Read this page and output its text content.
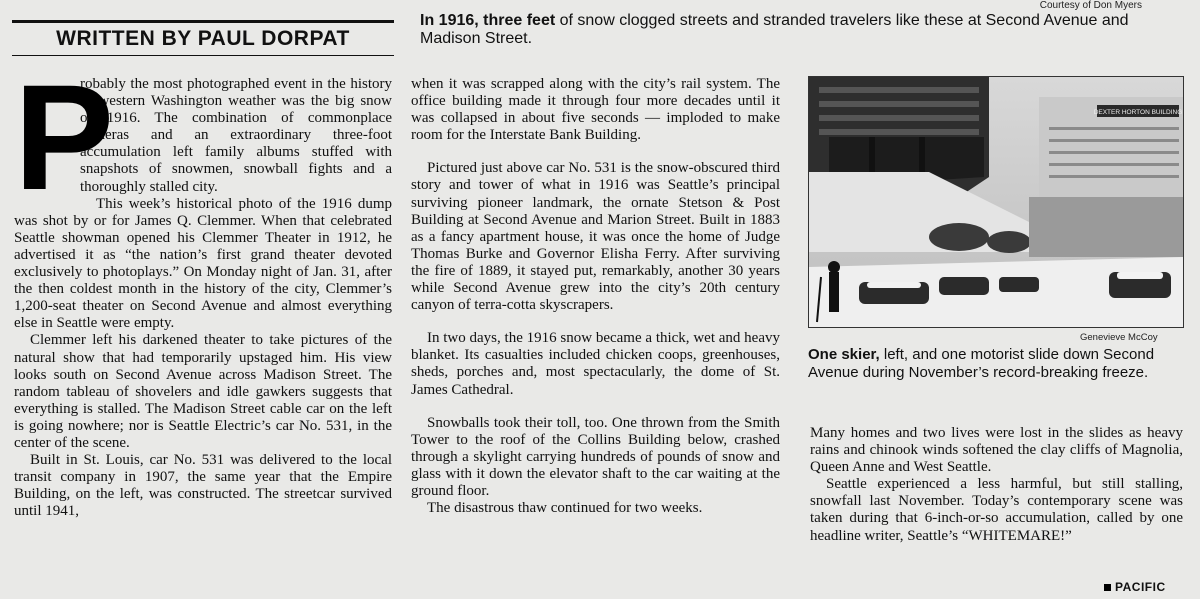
Courtesy of Don Myers
WRITTEN BY PAUL DORPAT
In 1916, three feet of snow clogged streets and stranded travelers like these at Second Avenue and Madison Street.
P

robably the most photographed event in the history of western Washington weather was the big snow of 1916. The combination of commonplace cameras and an extraordinary three-foot accumulation left family albums stuffed with snapshots of snowmen, snowball fights and a thoroughly stalled city.

This week’s historical photo of the 1916 dump was shot by or for James Q. Clemmer. When that celebrated Seattle showman opened his Clemmer Theater in 1912, he advertised it as “the nation’s first grand theater devoted exclusively to photoplays.” On Monday night of Jan. 31, after the then coldest month in the history of the city, Clemmer’s 1,200-seat theater on Second Avenue and almost everything else in Seattle were empty.

Clemmer left his darkened theater to take pictures of the natural show that had temporarily upstaged him. His view looks south on Second Avenue across Madison Street. The random tableau of shovelers and idle gawkers suggests that everything is stalled. The Madison Street cable car on the left is going nowhere; nor is Seattle Electric’s car No. 531, in the center of the scene.

Built in St. Louis, car No. 531 was delivered to the local transit company in 1907, the same year that the Empire Building, on the left, was constructed. The streetcar survived until 1941,

when it was scrapped along with the city’s rail system. The office building made it through four more decades until it was collapsed in about five seconds — imploded to make room for the Interstate Bank Building.

Pictured just above car No. 531 is the snow-obscured third story and tower of what in 1916 was Seattle’s principal surviving pioneer landmark, the ornate Stetson & Post Building at Second Avenue and Marion Street. Built in 1883 as a fancy apartment house, it was once the home of Judge Thomas Burke and Governor Elisha Ferry. After surviving the fire of 1889, it stayed put, remarkably, another 30 years while Second Avenue grew into the city’s 20th century canyon of terra-cotta skyscrapers.

In two days, the 1916 snow became a thick, wet and heavy blanket. Its casualties included chicken coops, greenhouses, sheds, porches and, most spectacularly, the dome of St. James Cathedral.

Snowballs took their toll, too. One thrown from the Smith Tower to the roof of the Collins Building below, crashed through a skylight carrying hundreds of pounds of snow and glass with it down the elevator shaft to the car waiting at the ground floor.

The disastrous thaw continued for two weeks.

DEXTER HORTON BUILDING
Genevieve McCoy
One skier, left, and one motorist slide down Second Avenue during November’s record-breaking freeze.

Many homes and two lives were lost in the slides as heavy rains and chinook winds softened the clay cliffs of Magnolia, Queen Anne and West Seattle.

Seattle experienced a less harmful, but still stalling, snowfall last November. Today’s contemporary scene was taken during that 6-inch-or-so accumulation, called by one headline writer, Seattle’s “WHITEMARE!”

PACIFIC
